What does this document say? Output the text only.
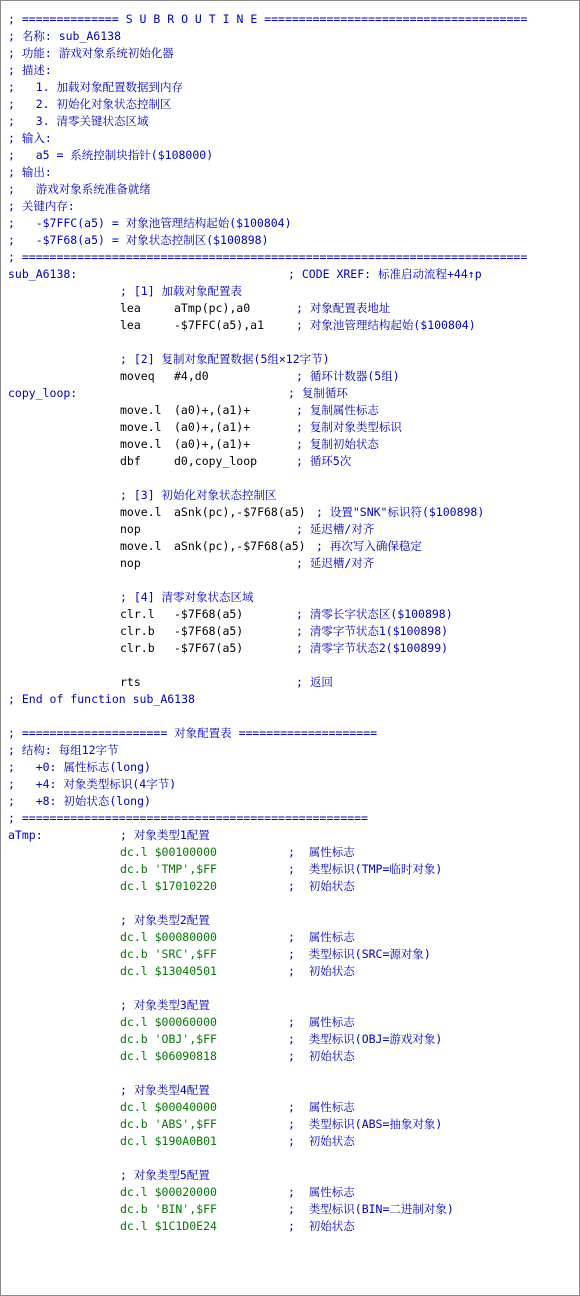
; ============== S U B R O U T I N E ======================================
; 名称: sub_A6138
; 功能: 游戏对象系统初始化器
; 描述:
;   1. 加载对象配置数据到内存
;   2. 初始化对象状态控制区
;   3. 清零关键状态区域
; 输入:
;   a5 = 系统控制块指针($108000)
; 输出:
;   游戏对象系统准备就绪
; 关键内存:
;   -$7FFC(a5) = 对象池管理结构起始($100804)
;   -$7F68(a5) = 对象状态控制区($100898)
; =========================================================================
sub_A6138:	; CODE XREF: 标准启动流程+44↑p
; [1] 加载对象配置表
lea	aTmp(pc),a0	; 对象配置表地址
lea	-$7FFC(a5),a1	; 对象池管理结构起始($100804)
; [2] 复制对象配置数据(5组×12字节)
moveq #4,d0	; 循环计数器(5组)
copy_loop:	; 复制循环
move.l (a0)+,(a1)+	; 复制属性标志
move.l (a0)+,(a1)+	; 复制对象类型标识
move.l (a0)+,(a1)+	; 复制初始状态
dbf	d0,copy_loop	; 循环5次
; [3] 初始化对象状态控制区
move.l aSnk(pc),-$7F68(a5) ; 设置"SNK"标识符($100898)
nop	; 延迟槽/对齐
move.l aSnk(pc),-$7F68(a5) ; 再次写入确保稳定
nop	; 延迟槽/对齐
; [4] 清零对象状态区域
clr.l -$7F68(a5)	; 清零长字状态区($100898)
clr.b -$7F68(a5)	; 清零字节状态1($100898)
clr.b -$7F67(a5)	; 清零字节状态2($100899)
rts	; 返回
; End of function sub_A6138
; ===================== 对象配置表 ====================
; 结构: 每组12字节
;   +0: 属性标志(long)
;   +4: 对象类型标识(4字节)
;   +8: 初始状态(long)
; ==================================================
aTmp:	; 对象类型1配置
dc.l $00100000	;  属性标志
dc.b 'TMP',$FF	;  类型标识(TMP=临时对象)
dc.l $17010220	;  初始状态
; 对象类型2配置
dc.l $00080000	;  属性标志
dc.b 'SRC',$FF	;  类型标识(SRC=源对象)
dc.l $13040501	;  初始状态
; 对象类型3配置
dc.l $00060000	;  属性标志
dc.b 'OBJ',$FF	;  类型标识(OBJ=游戏对象)
dc.l $06090818	;  初始状态
; 对象类型4配置
dc.l $00040000	;  属性标志
dc.b 'ABS',$FF	;  类型标识(ABS=抽象对象)
dc.l $190A0B01	;  初始状态
; 对象类型5配置
dc.l $00020000	;  属性标志
dc.b 'BIN',$FF	;  类型标识(BIN=二进制对象)
dc.l $1C1D0E24	;  初始状态
